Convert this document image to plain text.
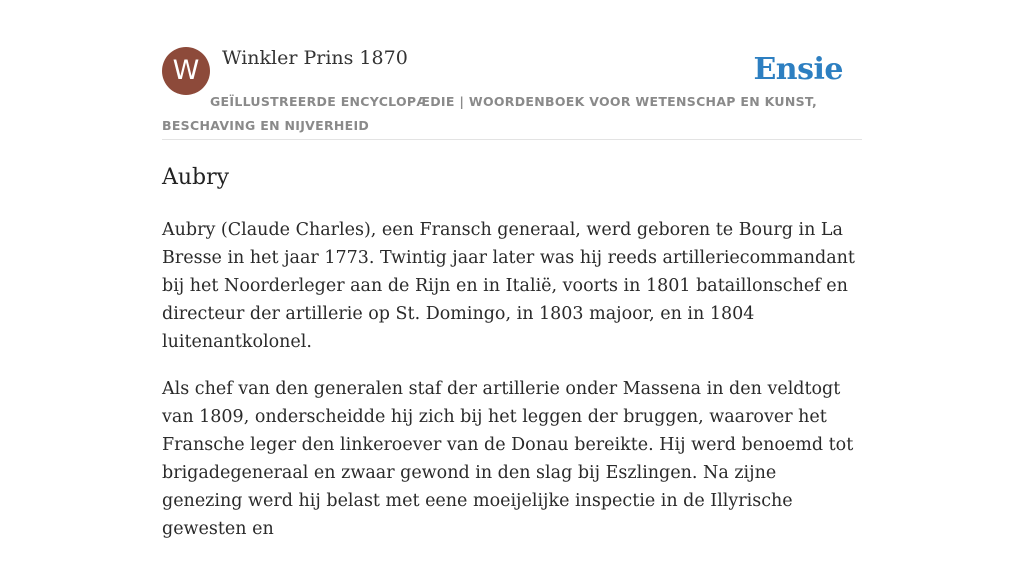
W	Winkler Prins 1870
GEÏLLUSTREERDE ENCYCLOPÆDIE | WOORDENBOEK VOOR WETENSCHAP EN KUNST, BESCHAVING EN NIJVERHEID
Ensie
Aubry

Aubry (Claude Charles), een Fransch generaal, werd geboren te Bourg in La Bresse in het jaar 1773. Twintig jaar later was hij reeds artilleriecommandant bij het Noorderleger aan de Rijn en in Italië, voorts in 1801 bataillonschef en directeur der artillerie op St. Domingo, in 1803 majoor, en in 1804 luitenantkolonel.

Als chef van den generalen staf der artillerie onder Massena in den veldtogt van 1809, onderscheidde hij zich bij het leggen der bruggen, waarover het Fransche leger den linkeroever van de Donau bereikte. Hij werd benoemd tot brigadegeneraal en zwaar gewond in den slag bij Eszlingen. Na zijne genezing werd hij belast met eene moeijelijke inspectie in de Illyrische gewesten en
